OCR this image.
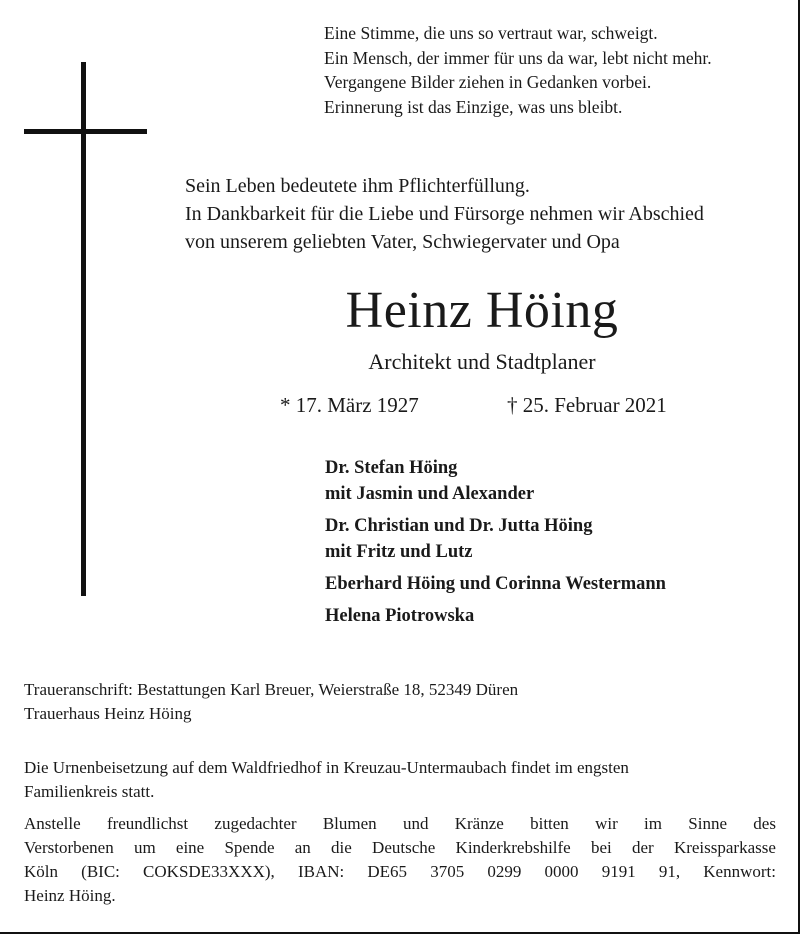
Eine Stimme, die uns so vertraut war, schweigt.
Ein Mensch, der immer für uns da war, lebt nicht mehr.
Vergangene Bilder ziehen in Gedanken vorbei.
Erinnerung ist das Einzige, was uns bleibt.
Sein Leben bedeutete ihm Pflichterfüllung.
In Dankbarkeit für die Liebe und Fürsorge nehmen wir Abschied
von unserem geliebten Vater, Schwiegervater und Opa
Heinz Höing
Architekt und Stadtplaner
* 17. März 1927	† 25. Februar 2021
Dr. Stefan Höing
mit Jasmin und Alexander
Dr. Christian und Dr. Jutta Höing
mit Fritz und Lutz
Eberhard Höing und Corinna Westermann
Helena Piotrowska
Traueranschrift: Bestattungen Karl Breuer, Weierstraße 18, 52349 Düren
Trauerhaus Heinz Höing
Die Urnenbeisetzung auf dem Waldfriedhof in Kreuzau-Untermaubach findet im engsten
Familienkreis statt.
Anstelle freundlichst zugedachter Blumen und Kränze bitten wir im Sinne des
Verstorbenen um eine Spende an die Deutsche Kinderkrebshilfe bei der Kreissparkasse
Köln (BIC: COKSDE33XXX), IBAN: DE65 3705 0299 0000 9191 91, Kennwort:
Heinz Höing.
